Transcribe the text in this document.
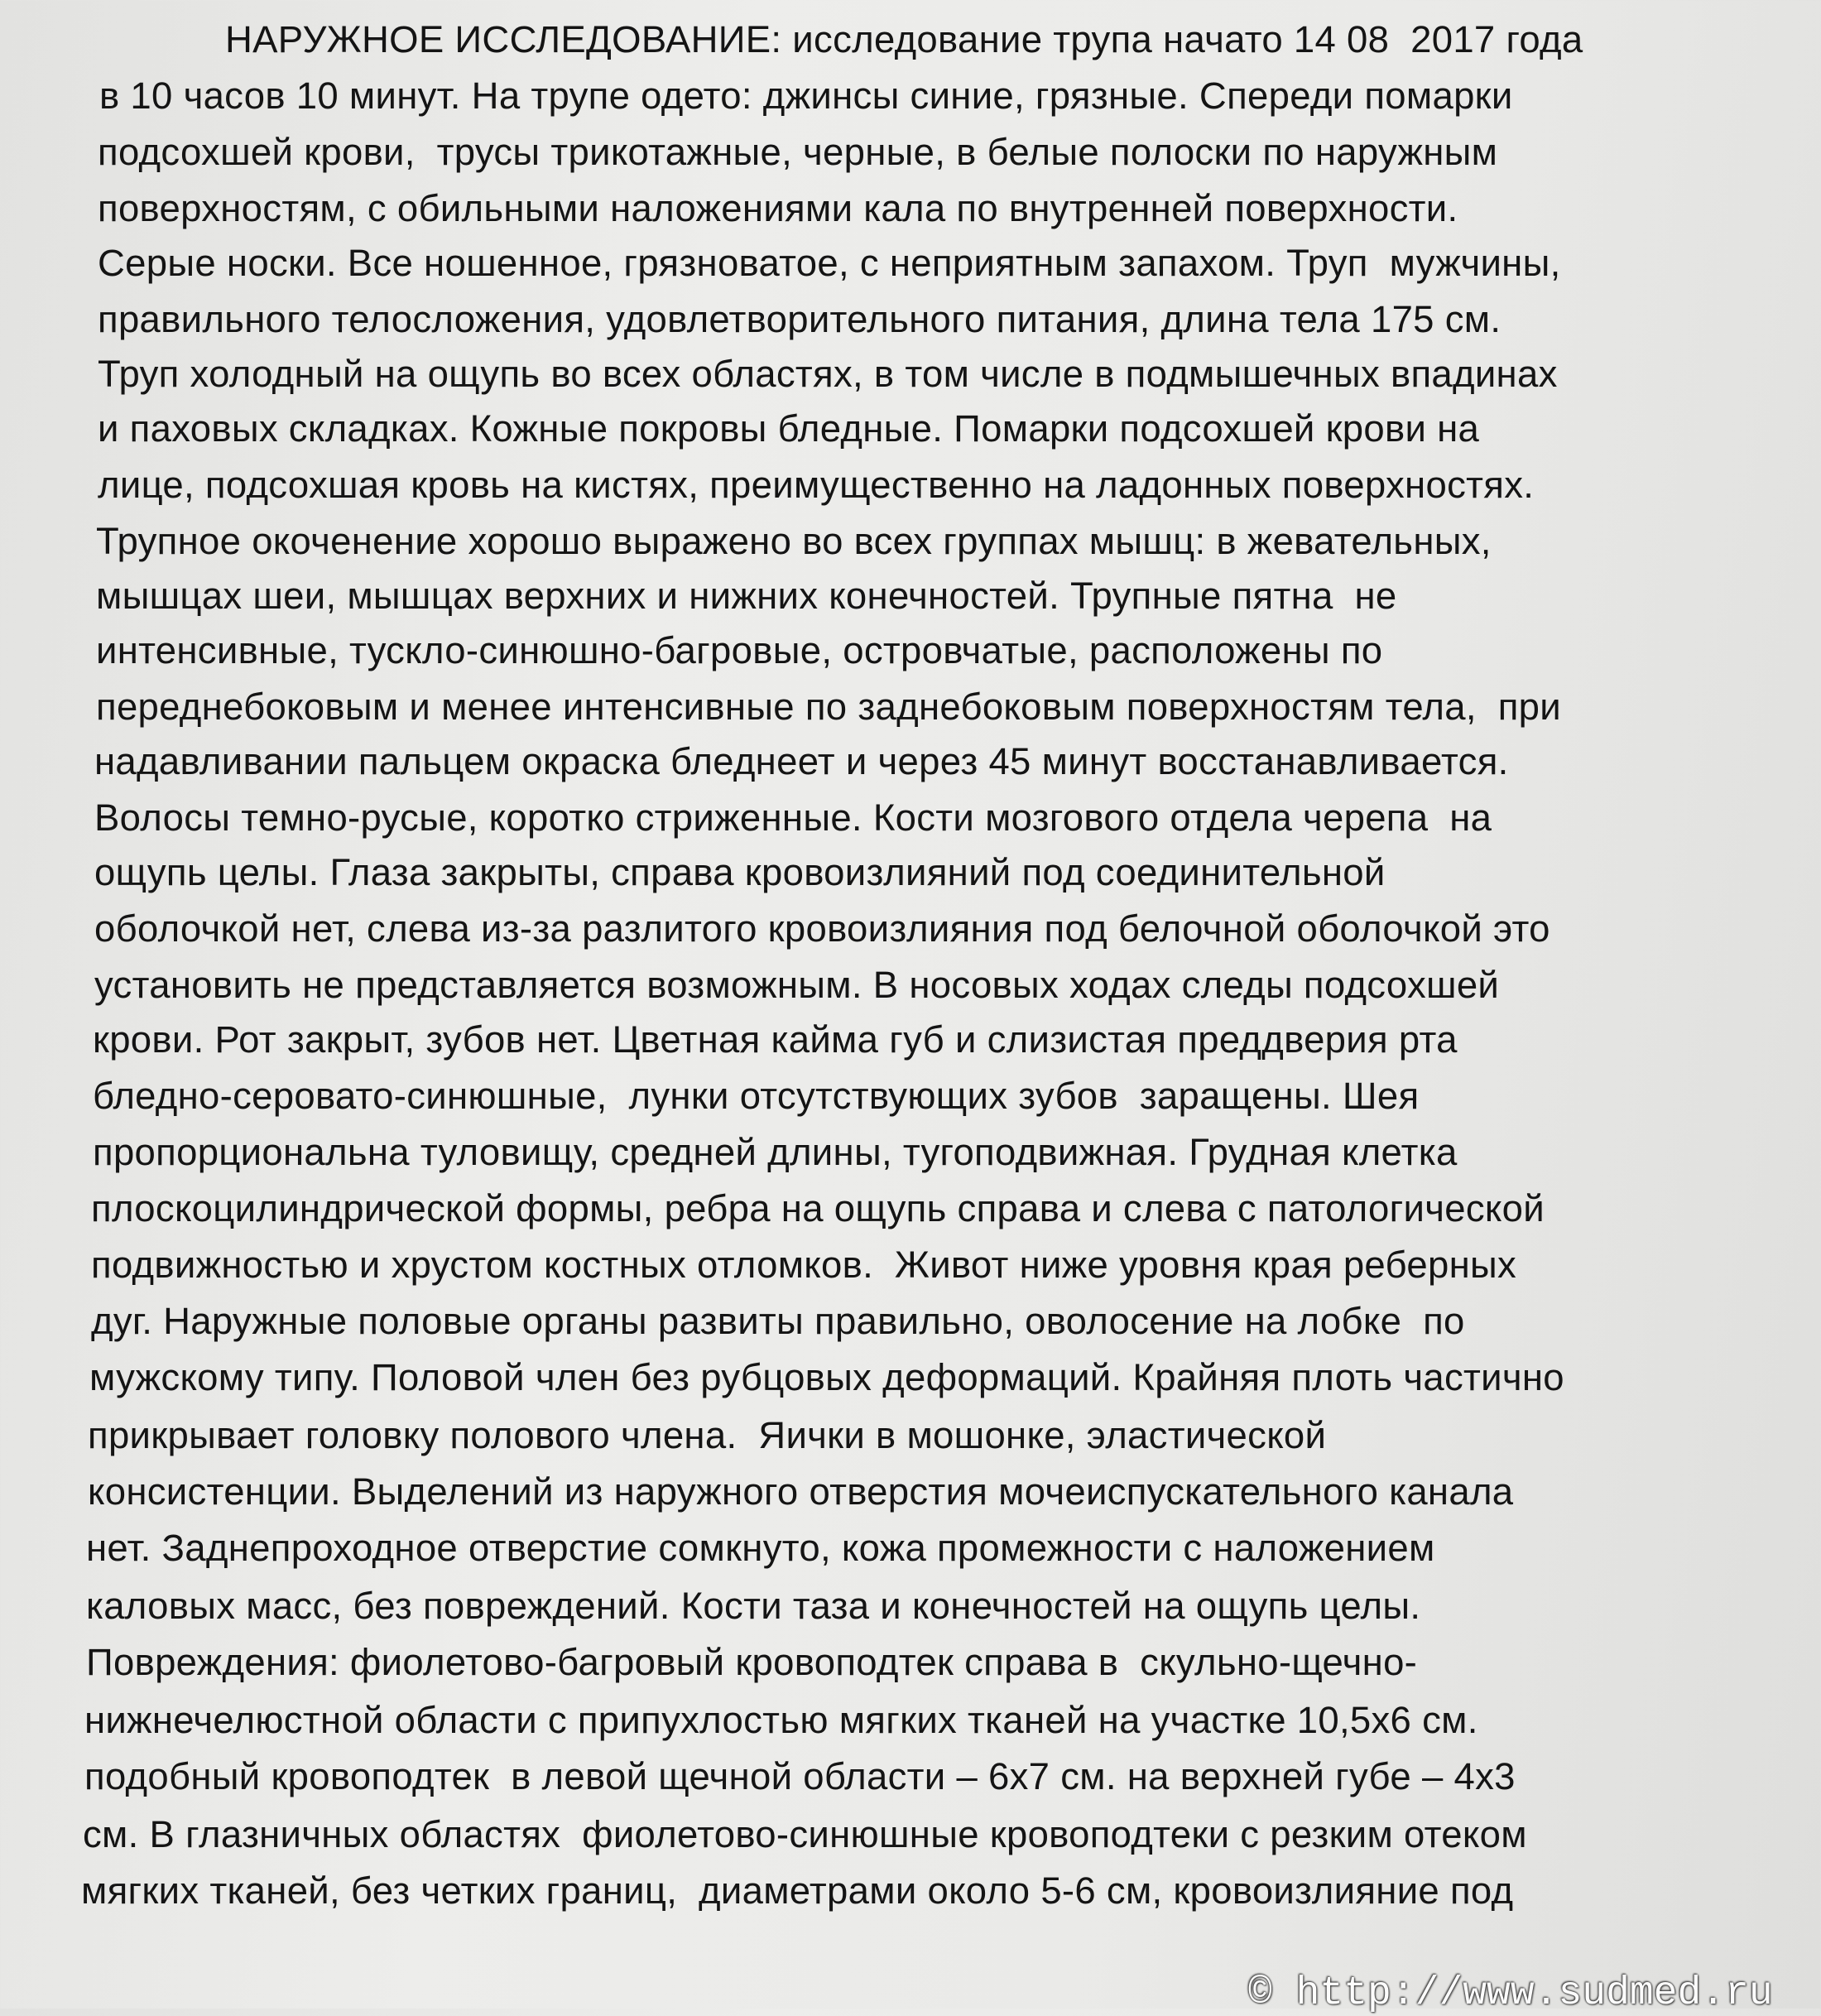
НАРУЖНОЕ ИССЛЕДОВАНИЕ: исследование трупа начато 14 08  2017 года
в 10 часов 10 минут. На трупе одето: джинсы синие, грязные. Спереди помарки
подсохшей крови,  трусы трикотажные, черные, в белые полоски по наружным
поверхностям, с обильными наложениями кала по внутренней поверхности.
Серые носки. Все ношенное, грязноватое, с неприятным запахом. Труп  мужчины,
правильного телосложения, удовлетворительного питания, длина тела 175 см.
Труп холодный на ощупь во всех областях, в том числе в подмышечных впадинах
и паховых складках. Кожные покровы бледные. Помарки подсохшей крови на
лице, подсохшая кровь на кистях, преимущественно на ладонных поверхностях.
Трупное окоченение хорошо выражено во всех группах мышц: в жевательных,
мышцах шеи, мышцах верхних и нижних конечностей. Трупные пятна  не
интенсивные, тускло-синюшно-багровые, островчатые, расположены по
переднебоковым и менее интенсивные по заднебоковым поверхностям тела,  при
надавливании пальцем окраска бледнеет и через 45 минут восстанавливается.
Волосы темно-русые, коротко стриженные. Кости мозгового отдела черепа  на
ощупь целы. Глаза закрыты, справа кровоизлияний под соединительной
оболочкой нет, слева из-за разлитого кровоизлияния под белочной оболочкой это
установить не представляется возможным. В носовых ходах следы подсохшей
крови. Рот закрыт, зубов нет. Цветная кайма губ и слизистая преддверия рта
бледно-серовато-синюшные,  лунки отсутствующих зубов  заращены. Шея
пропорциональна туловищу, средней длины, тугоподвижная. Грудная клетка
плоскоцилиндрической формы, ребра на ощупь справа и слева с патологической
подвижностью и хрустом костных отломков.  Живот ниже уровня края реберных
дуг. Наружные половые органы развиты правильно, оволосение на лобке  по
мужскому типу. Половой член без рубцовых деформаций. Крайняя плоть частично
прикрывает головку полового члена.  Яички в мошонке, эластической
консистенции. Выделений из наружного отверстия мочеиспускательного канала
нет. Заднепроходное отверстие сомкнуто, кожа промежности с наложением
каловых масс, без повреждений. Кости таза и конечностей на ощупь целы.
Повреждения: фиолетово-багровый кровоподтек справа в  скульно-щечно-
нижнечелюстной области с припухлостью мягких тканей на участке 10,5х6 см.
подобный кровоподтек  в левой щечной области – 6х7 см. на верхней губе – 4х3
см. В глазничных областях  фиолетово-синюшные кровоподтеки с резким отеком
мягких тканей, без четких границ,  диаметрами около 5-6 см, кровоизлияние под
© http://www.sudmed.ru
